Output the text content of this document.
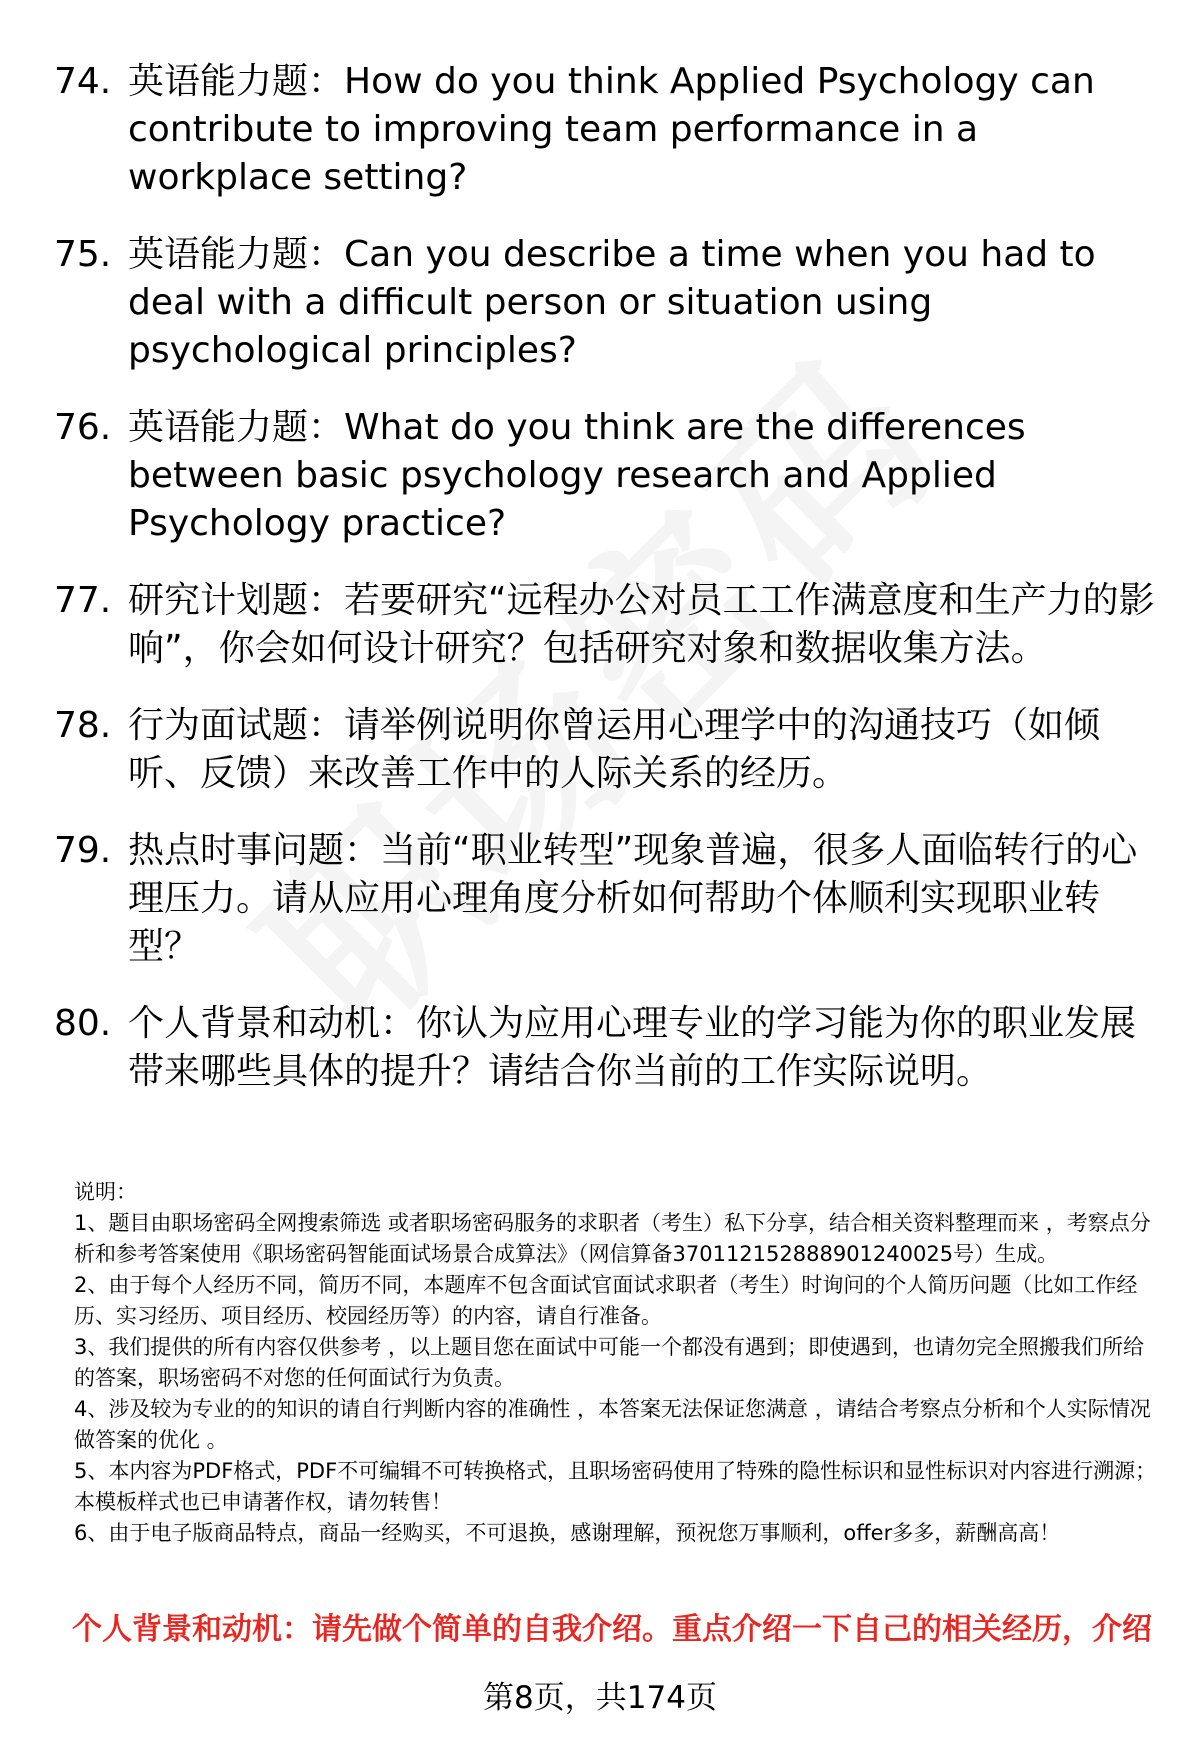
74. 英语能力题：How do you think Applied Psychology can contribute to improving team performance in a workplace setting?
75. 英语能力题：Can you describe a time when you had to deal with a difficult person or situation using psychological principles?
76. 英语能力题：What do you think are the differences between basic psychology research and Applied Psychology practice?
77. 研究计划题：若要研究“远程办公对员工工作满意度和生产力的影响”，你会如何设计研究？包括研究对象和数据收集方法。
78. 行为面试题：请举例说明你曾运用心理学中的沟通技巧（如倾听、反馈）来改善工作中的人际关系的经历。
79. 热点时事问题：当前“职业转型”现象普遍，很多人面临转行的心理压力。请从应用心理角度分析如何帮助个体顺利实现职业转型？
80. 个人背景和动机：你认为应用心理专业的学习能为你的职业发展带来哪些具体的提升？请结合你当前的工作实际说明。

说明：

1、题目由职场密码全网搜索筛选 或者职场密码服务的求职者（考生）私下分享，结合相关资料整理而来 ，考察点分析和参考答案使用《职场密码智能面试场景合成算法》（网信算备370112152888901240025号）生成。

2、由于每个人经历不同，简历不同，本题库不包含面试官面试求职者（考生）时询问的个人简历问题（比如工作经历、实习经历、项目经历、校园经历等）的内容，请自行准备。

3、我们提供的所有内容仅供参考 ，以上题目您在面试中可能一个都没有遇到；即使遇到，也请勿完全照搬我们所给的答案，职场密码不对您的任何面试行为负责。

4、涉及较为专业的的知识的请自行判断内容的准确性 ，本答案无法保证您满意 ，请结合考察点分析和个人实际情况做答案的优化 。

5、本内容为PDF格式，PDF不可编辑不可转换格式，且职场密码使用了特殊的隐性标识和显性标识对内容进行溯源；本模板样式也已申请著作权，请勿转售！

6、由于电子版商品特点，商品一经购买，不可退换，感谢理解，预祝您万事顺利，offer多多，薪酬高高！

个人背景和动机：请先做个简单的自我介绍。重点介绍一下自己的相关经历，介绍
第8页，共174页
